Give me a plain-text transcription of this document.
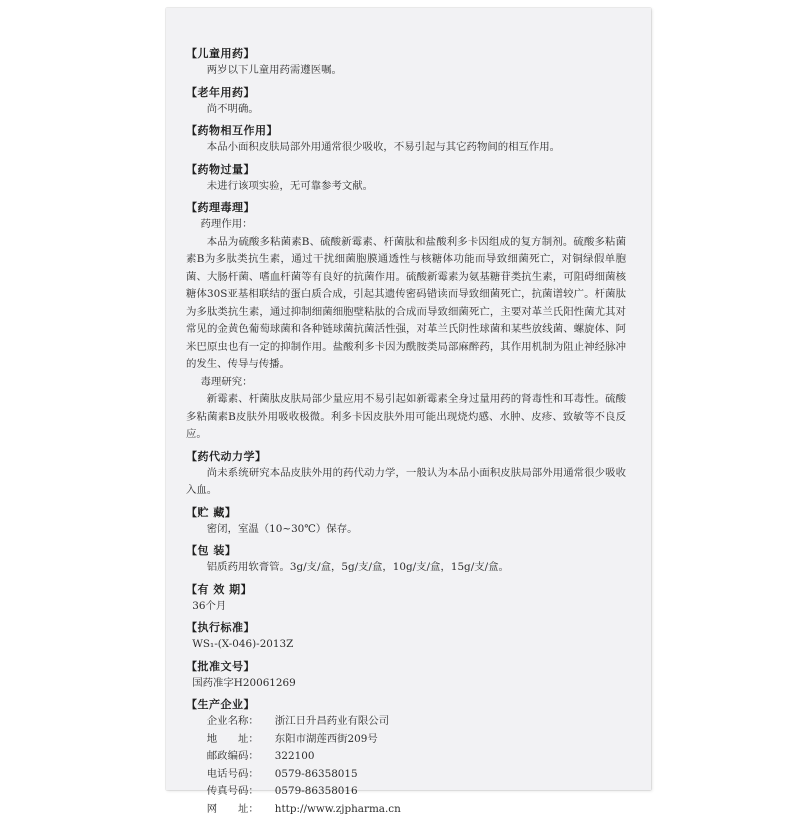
【儿童用药】
两岁以下儿童用药需遵医嘱。
【老年用药】
尚不明确。
【药物相互作用】
本品小面积皮肤局部外用通常很少吸收，不易引起与其它药物间的相互作用。
【药物过量】
未进行该项实验，无可靠参考文献。
【药理毒理】
药理作用：
本品为硫酸多粘菌素B、硫酸新霉素、杆菌肽和盐酸利多卡因组成的复方制剂。硫酸多粘菌素B为多肽类抗生素，通过干扰细菌胞膜通透性与核糖体功能而导致细菌死亡，对铜绿假单胞菌、大肠杆菌、嗜血杆菌等有良好的抗菌作用。硫酸新霉素为氨基糖苷类抗生素，可阻碍细菌核糖体30S亚基相联结的蛋白质合成，引起其遗传密码错读而导致细菌死亡，抗菌谱较广。杆菌肽为多肽类抗生素，通过抑制细菌细胞壁粘肽的合成而导致细菌死亡，主要对革兰氏阳性菌尤其对常见的金黄色葡萄球菌和各种链球菌抗菌活性强，对革兰氏阴性球菌和某些放线菌、螺旋体、阿米巴原虫也有一定的抑制作用。盐酸利多卡因为酰胺类局部麻醉药，其作用机制为阻止神经脉冲的发生、传导与传播。
毒理研究：
新霉素、杆菌肽皮肤局部少量应用不易引起如新霉素全身过量用药的肾毒性和耳毒性。硫酸多粘菌素B皮肤外用吸收极微。利多卡因皮肤外用可能出现烧灼感、水肿、皮疹、致敏等不良反应。
【药代动力学】
尚未系统研究本品皮肤外用的药代动力学，一般认为本品小面积皮肤局部外用通常很少吸收入血。
【贮 藏】
密闭，室温（10~30℃）保存。
【包 装】
铝质药用软膏管。3g/支/盒，5g/支/盒，10g/支/盒，15g/支/盒。
【有 效 期】
36个月
【执行标准】
WS₁-(X-046)-2013Z
【批准文号】
国药准字H20061269
【生产企业】
企业名称： 浙江日升昌药业有限公司
地　　址： 东阳市湖莲西街209号
邮政编码： 322100
电话号码： 0579-86358015
传真号码： 0579-86358016
网　　址： http://www.zjpharma.cn
